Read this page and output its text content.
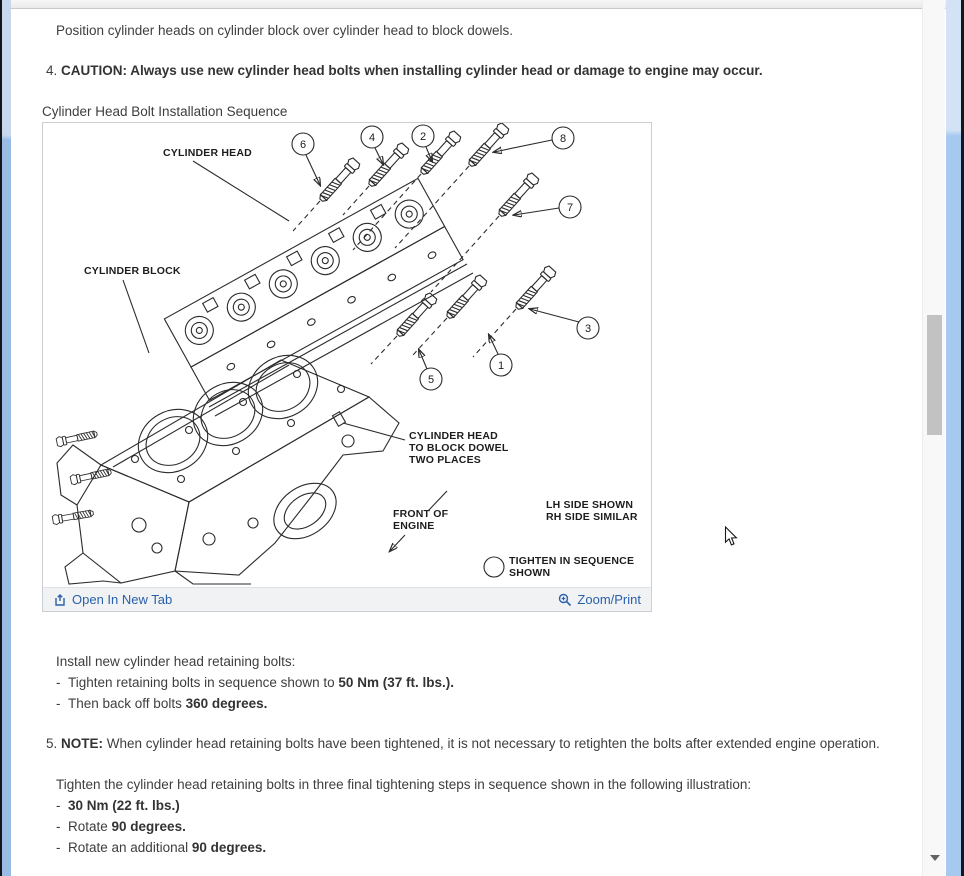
Position cylinder heads on cylinder block over cylinder head to block dowels.
4. CAUTION: Always use new cylinder head bolts when installing cylinder head or damage to engine may occur.
Cylinder Head Bolt Installation Sequence
6
4	2	8
7
3
1
5
CYLINDER HEAD
CYLINDER BLOCK
CYLINDER HEAD
TO BLOCK DOWEL
TWO PLACES
FRONT OF
ENGINE
LH SIDE SHOWN
RH SIDE SIMILAR
TIGHTEN IN SEQUENCE
SHOWN
Open In New Tab	Zoom/Print
Install new cylinder head retaining bolts:
- Tighten retaining bolts in sequence shown to 50 Nm (37 ft. lbs.).
- Then back off bolts 360 degrees.
5. NOTE: When cylinder head retaining bolts have been tightened, it is not necessary to retighten the bolts after extended engine operation.
Tighten the cylinder head retaining bolts in three final tightening steps in sequence shown in the following illustration:
- 30 Nm (22 ft. lbs.)
- Rotate 90 degrees.
- Rotate an additional 90 degrees.
